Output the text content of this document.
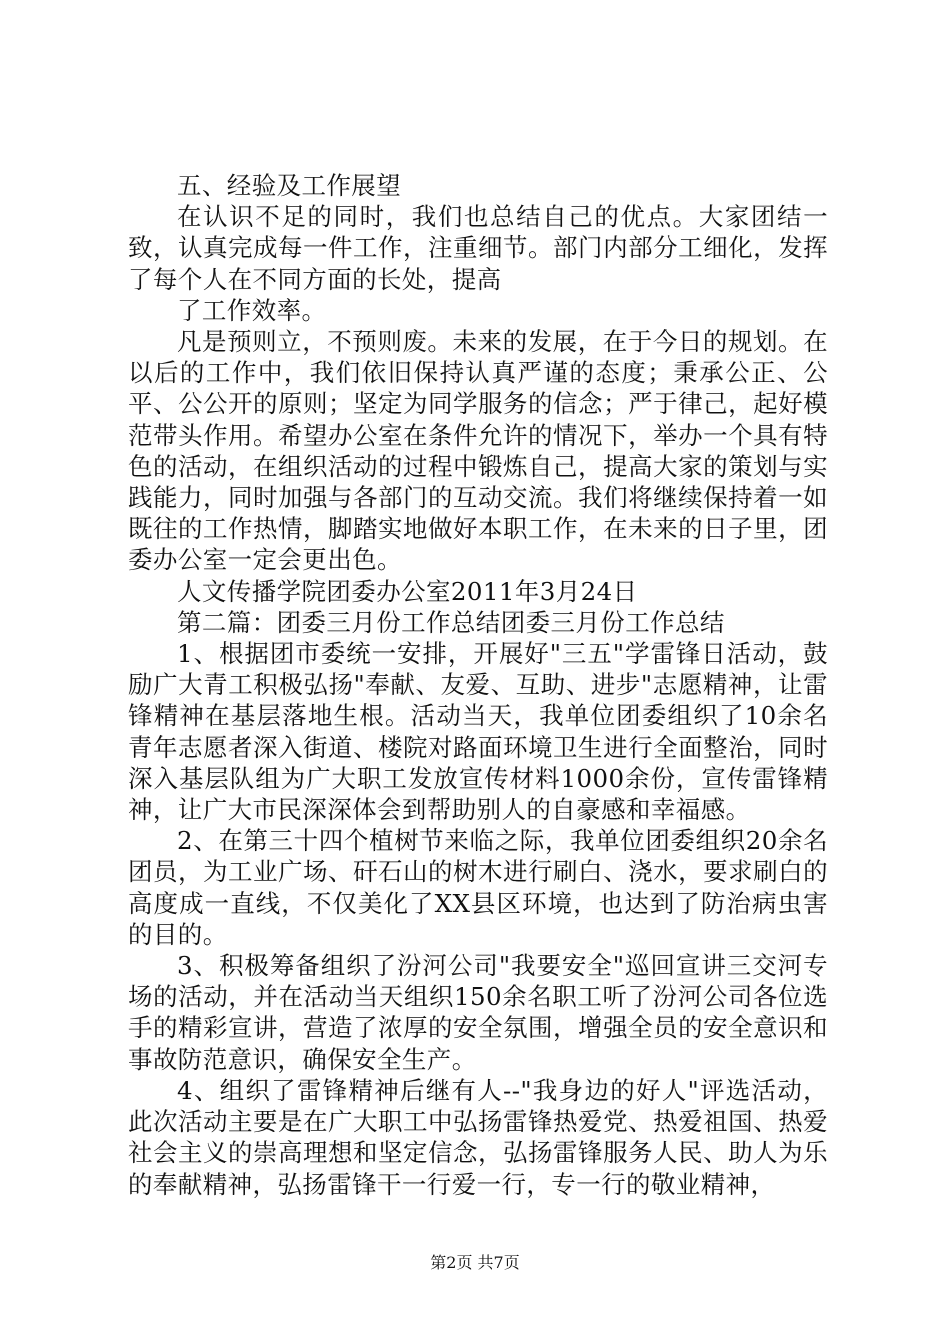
五、经验及工作展望

在认识不足的同时，我们也总结自己的优点。大家团结一致，认真完成每一件工作，注重细节。部门内部分工细化，发挥了每个人在不同方面的长处，提高

了工作效率。

凡是预则立，不预则废。未来的发展，在于今日的规划。在以后的工作中，我们依旧保持认真严谨的态度；秉承公正、公平、公公开的原则；坚定为同学服务的信念；严于律己，起好模范带头作用。希望办公室在条件允许的情况下，举办一个具有特色的活动，在组织活动的过程中锻炼自己，提高大家的策划与实践能力，同时加强与各部门的互动交流。我们将继续保持着一如既往的工作热情，脚踏实地做好本职工作，在未来的日子里，团委办公室一定会更出色。

人文传播学院团委办公室2011年3月24日

第二篇：团委三月份工作总结团委三月份工作总结

1、根据团市委统一安排，开展好"三五"学雷锋日活动，鼓励广大青工积极弘扬"奉献、友爱、互助、进步"志愿精神，让雷锋精神在基层落地生根。活动当天，我单位团委组织了10余名青年志愿者深入街道、楼院对路面环境卫生进行全面整治，同时深入基层队组为广大职工发放宣传材料1000余份，宣传雷锋精神，让广大市民深深体会到帮助别人的自豪感和幸福感。

2、在第三十四个植树节来临之际，我单位团委组织20余名团员，为工业广场、矸石山的树木进行刷白、浇水，要求刷白的高度成一直线，不仅美化了XX县区环境，也达到了防治病虫害的目的。

3、积极筹备组织了汾河公司"我要安全"巡回宣讲三交河专场的活动，并在活动当天组织150余名职工听了汾河公司各位选手的精彩宣讲，营造了浓厚的安全氛围，增强全员的安全意识和事故防范意识，确保安全生产。

4、组织了雷锋精神后继有人--"我身边的好人"评选活动，此次活动主要是在广大职工中弘扬雷锋热爱党、热爱祖国、热爱社会主义的崇高理想和坚定信念，弘扬雷锋服务人民、助人为乐的奉献精神，弘扬雷锋干一行爱一行，专一行的敬业精神，

第2页 共7页
